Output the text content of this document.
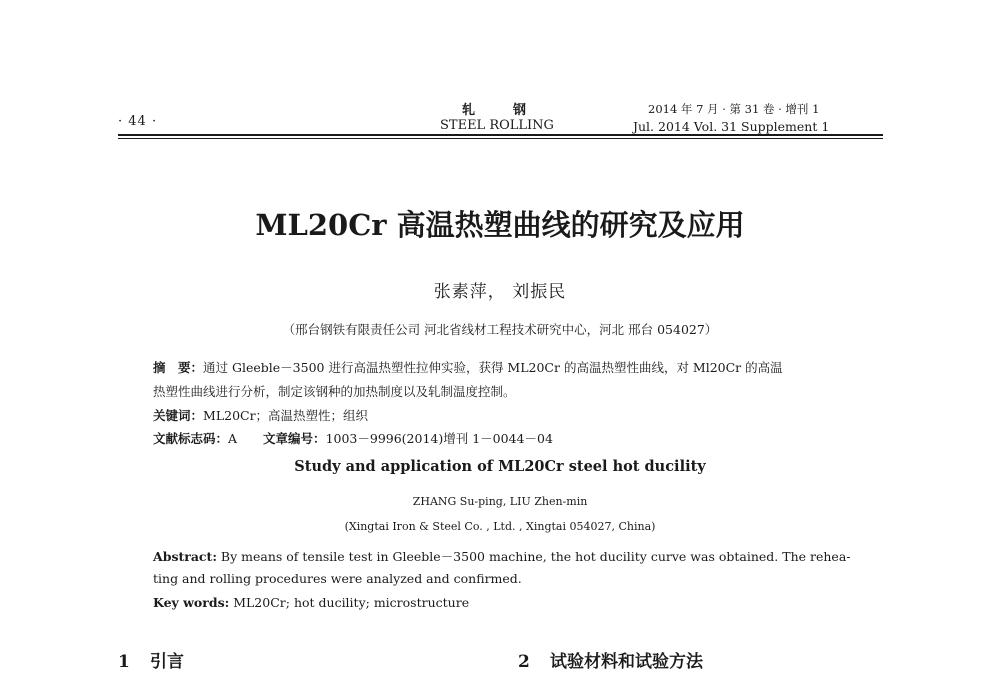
· 44 ·
轧钢
STEEL ROLLING
2014 年 7 月 · 第 31 卷 · 增刊 1
Jul. 2014 Vol. 31 Supplement 1
ML20Cr 高温热塑曲线的研究及应用
张素萍， 刘振民
（邢台钢铁有限责任公司 河北省线材工程技术研究中心，河北 邢台 054027）
摘　要：通过 Gleeble－3500 进行高温热塑性拉伸实验，获得 ML20Cr 的高温热塑性曲线，对 Ml20Cr 的高温
热塑性曲线进行分析，制定该钢种的加热制度以及轧制温度控制。
关键词：ML20Cr；高温热塑性；组织
文献标志码：A 文章编号：1003－9996(2014)增刊 1－0044－04
Study and application of ML20Cr steel hot ducility
ZHANG Su-ping, LIU Zhen-min
(Xingtai Iron & Steel Co. , Ltd. , Xingtai 054027, China)
Abstract: By means of tensile test in Gleeble－3500 machine, the hot ducility curve was obtained. The rehea-
ting and rolling procedures were analyzed and confirmed.
Key words: ML20Cr; hot ducility; microstructure
1 引言	2 试验材料和试验方法
